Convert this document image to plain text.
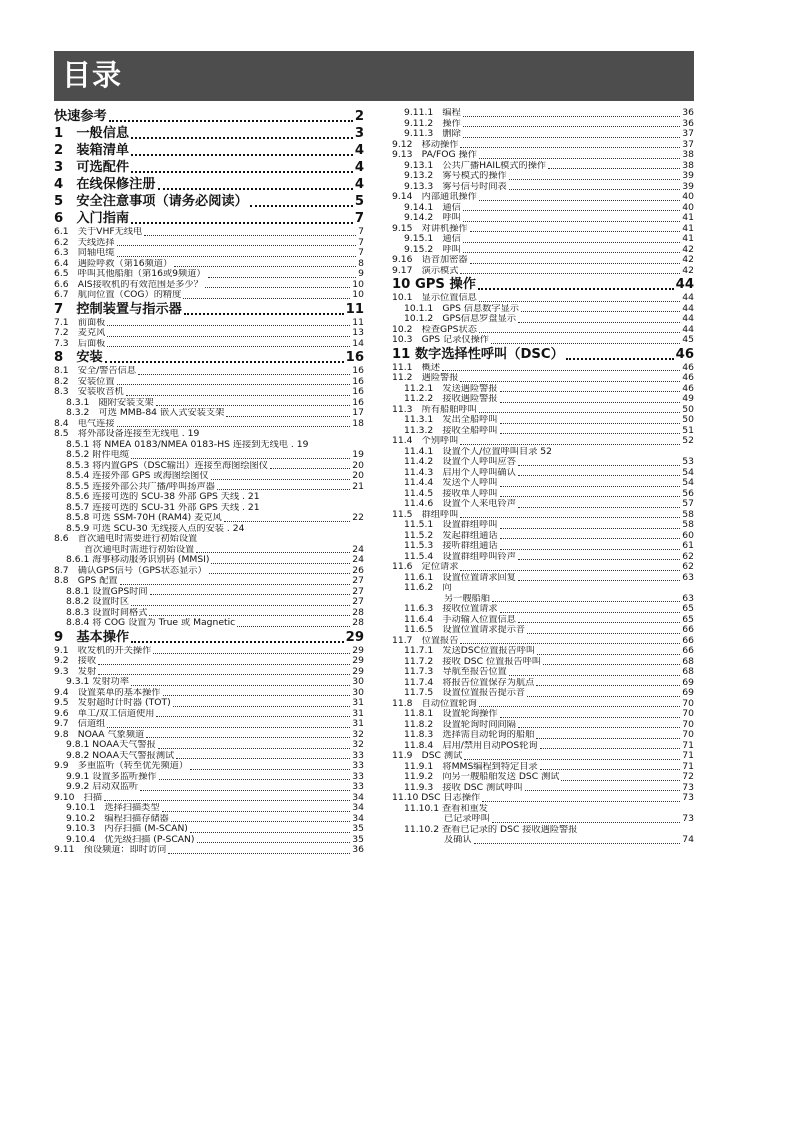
目录
快速参考	2
1　一般信息	3
2　装箱清单	4
3　可选配件	4
4　在线保修注册	4
5　安全注意事项（请务必阅读）	5
6　入门指南	7
6.1　关于VHF无线电	7
6.2　天线选择	7
6.3　同轴电缆	7
6.4　遇险呼救（第16频道）	8
6.5　呼叫其他船舶（第16或9频道）	9
6.6　AIS接收机的有效范围是多少？	10
6.7　航向位置（COG）的精度	10
7　控制装置与指示器	11
7.1　前面板	11
7.2　麦克风	13
7.3　后面板	14
8　安装	16
8.1　安全/警告信息	16
8.2　安装位置	16
8.3　安装收音机	16
8.3.1　随附安装支架	16
8.3.2　可选 MMB-84 嵌入式安装支架	17
8.4　电气连接	18
8.5　将外部设备连接至无线电 . 19
8.5.1 将 NMEA 0183/NMEA 0183-HS 连接到无线电 . 19
8.5.2 附件电缆	19
8.5.3 将内置GPS（DSC输出）连接至海图绘图仪	20
8.5.4 连接外部 GPS 或海图绘图仪	20
8.5.5 连接外部公共广播/呼叫扬声器	21
8.5.6 连接可选的 SCU-38 外部 GPS 天线 . 21
8.5.7 连接可选的 SCU-31 外部 GPS 天线 . 21
8.5.8 可选 SSM-70H (RAM4) 麦克风	22
8.5.9 可选 SCU-30 无线接入点的安装 . 24
8.6　首次通电时需要进行初始设置
首次通电时需进行初始设置	24
8.6.1 海事移动服务识别码 (MMSI)	24
8.7　确认GPS信号（GPS状态显示）	26
8.8　GPS 配置	27
8.8.1 设置GPS时间	27
8.8.2 设置时区	27
8.8.3 设置时间格式	28
8.8.4 将 COG 设置为 True 或 Magnetic	28
9　基本操作	29
9.1　收发机的开关操作	29
9.2　接收	29
9.3　发射	29
9.3.1 发射功率	30
9.4　设置菜单的基本操作	30
9.5　发射超时计时器 (TOT)	31
9.6　单工/双工信道使用	31
9.7　信道组	31
9.8　NOAA 气象频道	32
9.8.1 NOAA天气警报	32
9.8.2 NOAA天气警报测试	33
9.9　多重监听（转至优先频道）	33
9.9.1 设置多监听操作	33
9.9.2 启动双监听	33
9.10　扫描	34
9.10.1　选择扫描类型	34
9.10.2　编程扫描存储器	34
9.10.3　内存扫描 (M-SCAN)	35
9.10.4　优先级扫描 (P-SCAN)	35
9.11　预设频道：即时访问	36
9.11.1　编程	36
9.11.2　操作	36
9.11.3　删除	37
9.12　移动操作	37
9.13　PA/FOG 操作	38
9.13.1　公共广播HAIL模式的操作	38
9.13.2　雾号模式的操作	39
9.13.3　雾号信号时间表	39
9.14　内部通讯操作	40
9.14.1　通信	40
9.14.2　呼叫	41
9.15　对讲机操作	41
9.15.1　通信	41
9.15.2　呼叫	42
9.16　语音加密器	42
9.17　演示模式	42
10 GPS 操作	44
10.1　显示位置信息	44
10.1.1　GPS 信息数字显示	44
10.1.2　GPS信息罗盘显示	44
10.2　检查GPS状态	44
10.3　GPS 记录仪操作	45
11 数字选择性呼叫（DSC）	46
11.1　概述	46
11.2　遇险警报	46
11.2.1　发送遇险警报	46
11.2.2　接收遇险警报	49
11.3　所有船舶呼叫	50
11.3.1　发出全船呼叫	50
11.3.2　接收全船呼叫	51
11.4　个别呼叫	52
11.4.1　设置个人/位置呼叫目录 52
11.4.2　设置个人呼叫应答	53
11.4.3　启用个人呼叫确认	54
11.4.4　发送个人呼叫	54
11.4.5　接收单人呼叫	56
11.4.6　设置个人来电铃声	57
11.5　群组呼叫	58
11.5.1　设置群组呼叫	58
11.5.2　发起群组通话	60
11.5.3　接听群组通话	61
11.5.4　设置群组呼叫铃声	62
11.6　定位请求	62
11.6.1　设置位置请求回复	63
11.6.2　向
另一艘船舶	63
11.6.3　接收位置请求	65
11.6.4　手动输入位置信息	65
11.6.5　设置位置请求提示音	66
11.7　位置报告	66
11.7.1　发送DSC位置报告呼叫	66
11.7.2　接收 DSC 位置报告呼叫	68
11.7.3　导航至报告位置	68
11.7.4　将报告位置保存为航点	69
11.7.5　设置位置报告提示音	69
11.8　自动位置轮询	70
11.8.1　设置轮询操作	70
11.8.2　设置轮询时间间隔	70
11.8.3　选择需自动轮询的船舶	70
11.8.4　启用/禁用自动POS轮询	71
11.9　DSC 测试	71
11.9.1　将MMS编程到特定目录	71
11.9.2　向另一艘船舶发送 DSC 测试	72
11.9.3　接收 DSC 测试呼叫	73
11.10 DSC 日志操作	73
11.10.1 查看和重发
已记录呼叫	73
11.10.2 查看已记录的 DSC 接收遇险警报
及确认	74
